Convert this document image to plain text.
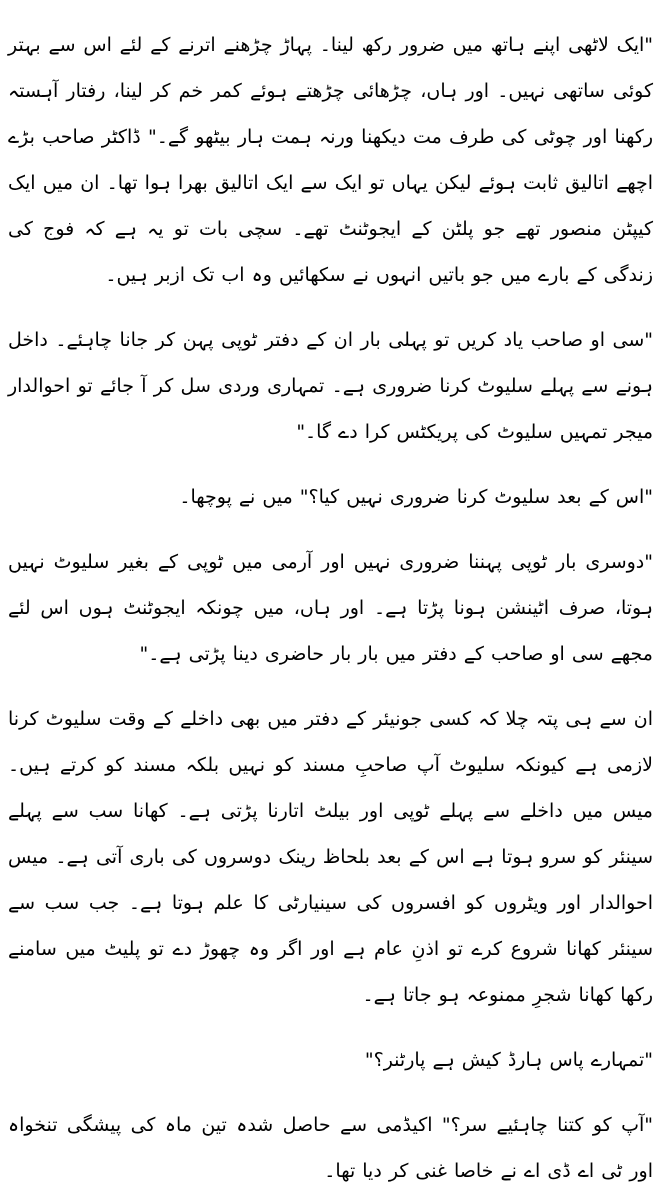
"ایک لاٹھی اپنے ہاتھ میں ضرور رکھ لینا۔ پہاڑ چڑھنے اترنے کے لئے اس سے بہتر کوئی ساتھی نہیں۔ اور ہاں، چڑھائی چڑھتے ہوئے کمر خم کر لینا، رفتار آہستہ رکھنا اور چوٹی کی طرف مت دیکھنا ورنہ ہمت ہار بیٹھو گے۔" ڈاکٹر صاحب بڑے اچھے اتالیق ثابت ہوئے لیکن یہاں تو ایک سے ایک اتالیق بھرا ہوا تھا۔ ان میں ایک کیپٹن منصور تھے جو پلٹن کے ایجوٹنٹ تھے۔ سچی بات تو یہ ہے کہ فوج کی زندگی کے بارے میں جو باتیں انہوں نے سکھائیں وہ اب تک ازبر ہیں۔

"سی او صاحب یاد کریں تو پہلی بار ان کے دفتر ٹوپی پہن کر جانا چاہئے۔ داخل ہونے سے پہلے سلیوٹ کرنا ضروری ہے۔ تمہاری وردی سل کر آ جائے تو احوالدار میجر تمہیں سلیوٹ کی پریکٹس کرا دے گا۔"

"اس کے بعد سلیوٹ کرنا ضروری نہیں کیا؟" میں نے پوچھا۔

"دوسری بار ٹوپی پہننا ضروری نہیں اور آرمی میں ٹوپی کے بغیر سلیوٹ نہیں ہوتا، صرف اٹینشن ہونا پڑتا ہے۔ اور ہاں، میں چونکہ ایجوٹنٹ ہوں اس لئے مجھے سی او صاحب کے دفتر میں بار بار حاضری دینا پڑتی ہے۔"

ان سے ہی پتہ چلا کہ کسی جونیئر کے دفتر میں بھی داخلے کے وقت سلیوٹ کرنا لازمی ہے کیونکہ سلیوٹ آپ صاحبِ مسند کو نہیں بلکہ مسند کو کرتے ہیں۔ میس میں داخلے سے پہلے ٹوپی اور بیلٹ اتارنا پڑتی ہے۔ کھانا سب سے پہلے سینئر کو سرو ہوتا ہے اس کے بعد بلحاظ رینک دوسروں کی باری آتی ہے۔ میس احوالدار اور ویٹروں کو افسروں کی سینیارٹی کا علم ہوتا ہے۔ جب سب سے سینئر کھانا شروع کرے تو اذنِ عام ہے اور اگر وہ چھوڑ دے تو پلیٹ میں سامنے رکھا کھانا شجرِ ممنوعہ ہو جاتا ہے۔

"تمہارے پاس ہارڈ کیش ہے پارٹنر؟"

"آپ کو کتنا چاہئیے سر؟" اکیڈمی سے حاصل شدہ تین ماہ کی پیشگی تنخواہ اور ٹی اے ڈی اے نے خاصا غنی کر دیا تھا۔
